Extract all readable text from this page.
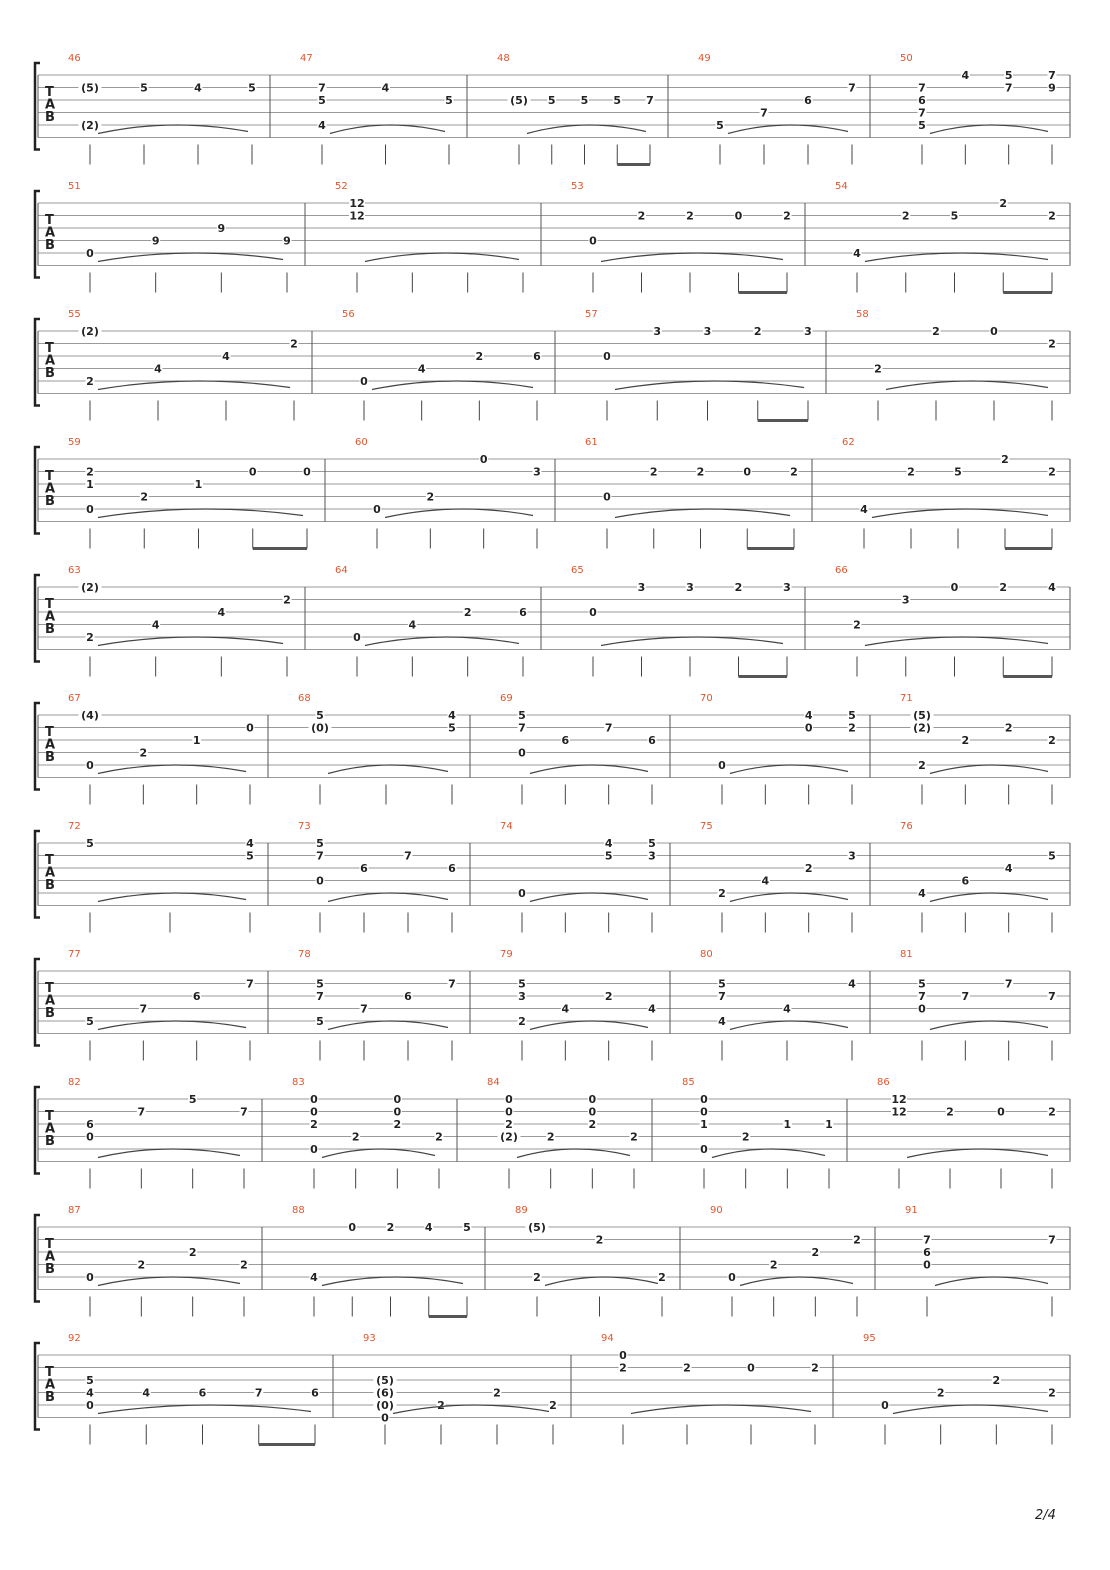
T
A
B
46
(5)
(2)
5	4	5
47
7
5
4
4
5
48
(5) 5 5 5 7
49
5
7
6
7
50
7
6
7
5
4	5
7
7
9
T
A
B
51
0
9
9
9
52
12
12
53
0
2	2	0	2
54
4
2	5
2
2
T
A
B
55
(2)
2
4
4
2
56
0
4
2	6
57
0
3	3	2	3
58
2
2	0
2
T
A
B
59
2
1
0
2
1
0	0
60
0
2
0
3
61
0
2	2	0	2
62
4
2	5
2
2
T
A
B
63
(2)
2
4
4
2
64
0
4
2	6
65
0
3	3	2	3
66
2
3
0	2	4
T
A
B
67
(4)
0
2
1
0
68
5
(0)
4
5
69
5
7
0
6
7
6
70
0
4
0
5
2
71
(5)
(2)
2
2
2
2
T
A
B
72
5	4
5
73
5
7
0
6
7
6
74
0
4
5
5
3
75
2
4
2
3
76
4
6
4
5
T
A
B
77
5
7
6
7
78
5
7
5
7
6
7
79
5
3
2
4
2
4
80
5
7
4
4
4
81
5
7
0
7
7
7
T
A
B
82
6
0
7
5
7
83
0
0
2
0
2
0
0
2
2
84
0
0
2
(2)	2
0
0
2
2
85
0
0
1
0
2
1	1
86
12
12	2	0	2
T
A
B
87
0
2
2
2
88
4
0	2	4	5
89
(5)
2
2
2
90
0
2
2
2
91
7
6
0
7
T
A
B
92
5
4
0
4	6	7	6
93
(5)
(6)
(0)
0
2
2
2
94
0
2	2	0	2
95
0
2
2
2
2/4
